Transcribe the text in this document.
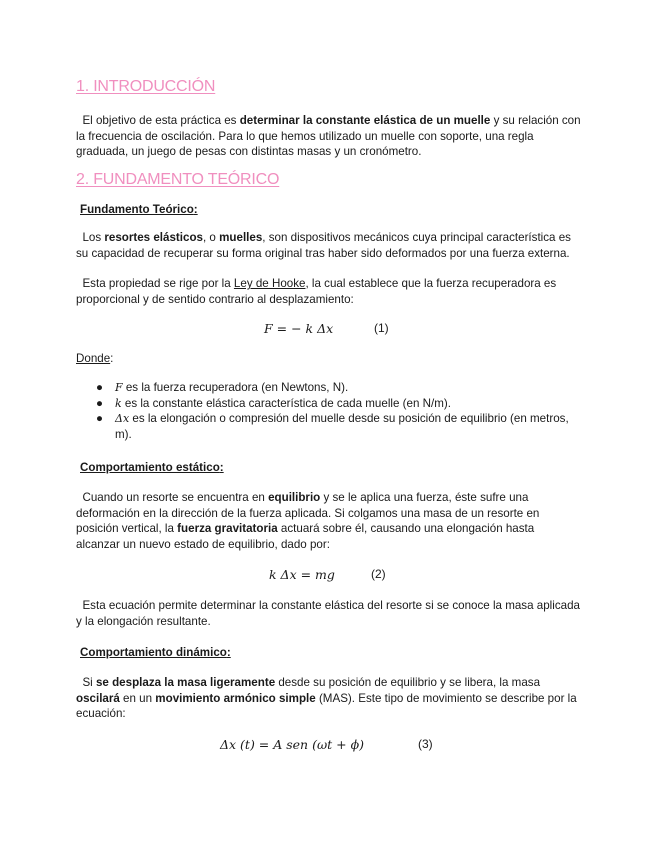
1. INTRODUCCIÓN
El objetivo de esta práctica es determinar la constante elástica de un muelle y su relación con la frecuencia de oscilación. Para lo que hemos utilizado un muelle con soporte, una regla graduada, un juego de pesas con distintas masas y un cronómetro.
2. FUNDAMENTO TEÓRICO
Fundamento Teórico:
Los resortes elásticos, o muelles, son dispositivos mecánicos cuya principal característica es su capacidad de recuperar su forma original tras haber sido deformados por una fuerza externa.
Esta propiedad se rige por la Ley de Hooke, la cual establece que la fuerza recuperadora es proporcional y de sentido contrario al desplazamiento:
F = − k Δx	(1)
Donde:
● F es la fuerza recuperadora (en Newtons, N).
● k es la constante elástica característica de cada muelle (en N/m).
● Δx es la elongación o compresión del muelle desde su posición de equilibrio (en metros, m).
Comportamiento estático:
Cuando un resorte se encuentra en equilibrio y se le aplica una fuerza, éste sufre una deformación en la dirección de la fuerza aplicada. Si colgamos una masa de un resorte en posición vertical, la fuerza gravitatoria actuará sobre él, causando una elongación hasta alcanzar un nuevo estado de equilibrio, dado por:
k Δx = mg	(2)
Esta ecuación permite determinar la constante elástica del resorte si se conoce la masa aplicada y la elongación resultante.
Comportamiento dinámico:
Si se desplaza la masa ligeramente desde su posición de equilibrio y se libera, la masa oscilará en un movimiento armónico simple (MAS). Este tipo de movimiento se describe por la ecuación:
Δx (t) = A sen (ωt + ϕ)	(3)
